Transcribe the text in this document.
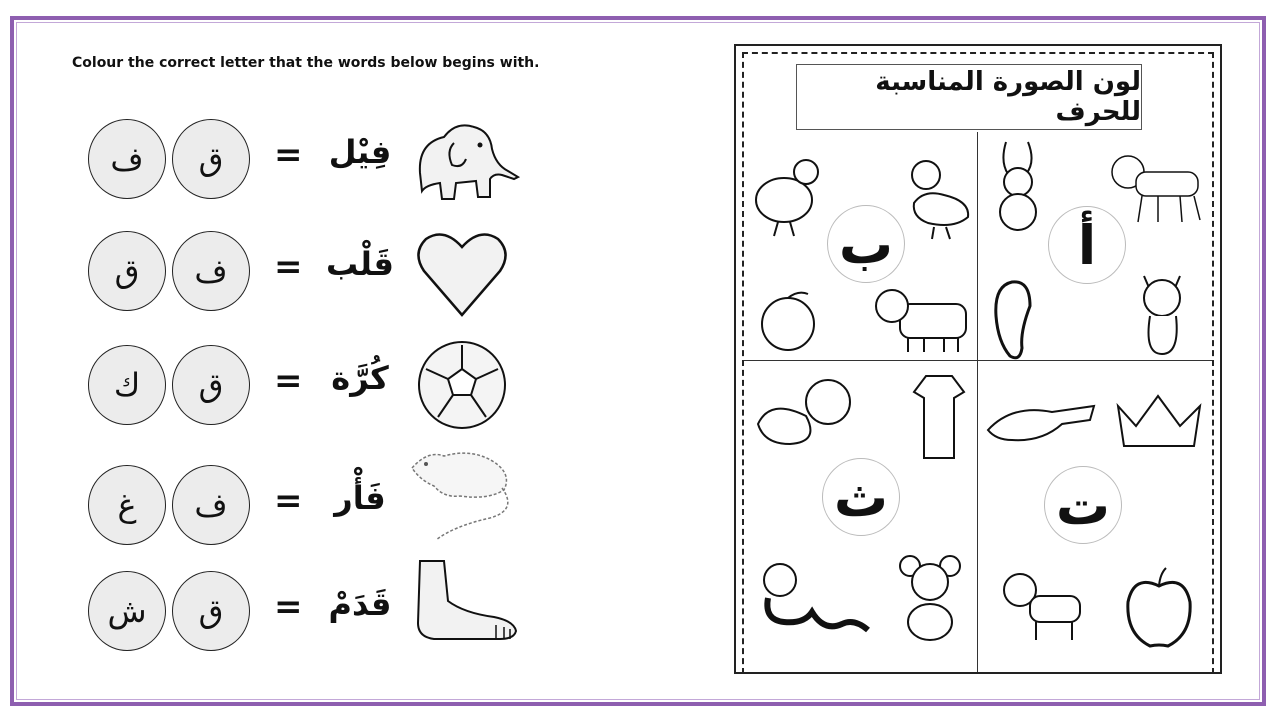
Colour the correct letter that the words below begins with.
ف	ق	= فِيْل
ق	ف	= قَلْب
ك	ق	= كُرَّة
غ	ف	= فَأْر
ش	ق	= قَدَمْ
لون الصورة المناسبة للحرف
ب	أ
ث	ت
